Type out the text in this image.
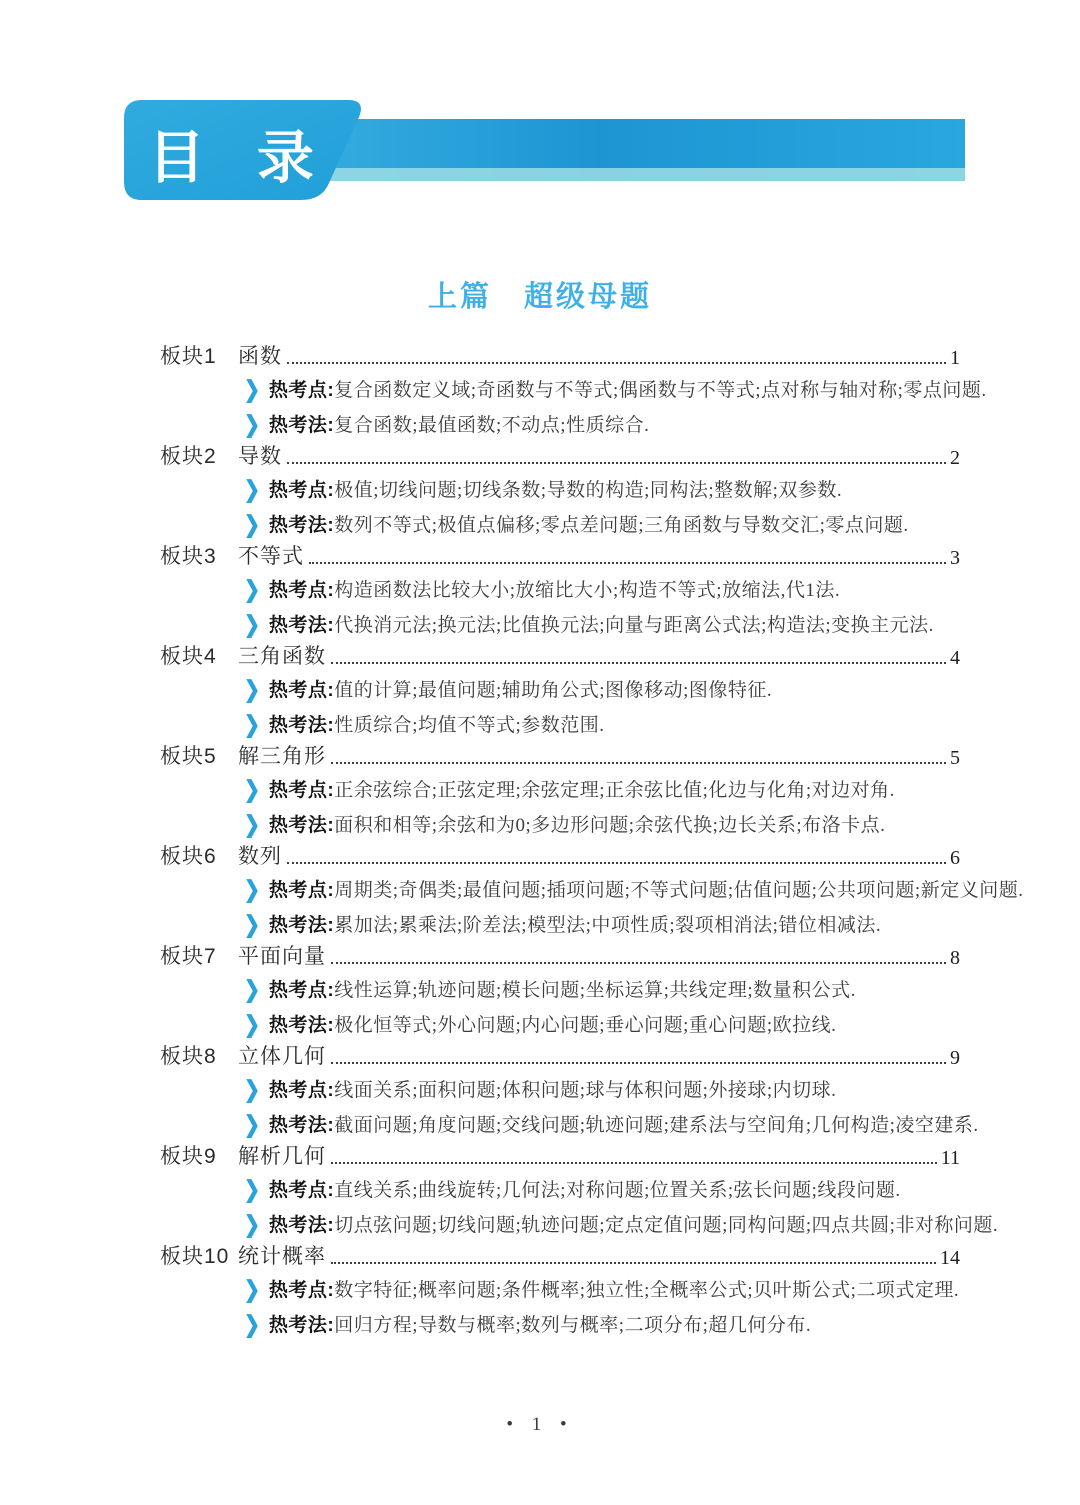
目 录
上篇　超级母题
板块1	函数	1
❯ 热考点: 复合函数定义域;奇函数与不等式;偶函数与不等式;点对称与轴对称;零点问题.
❯ 热考法: 复合函数;最值函数;不动点;性质综合.
板块2	导数	2
❯ 热考点: 极值;切线问题;切线条数;导数的构造;同构法;整数解;双参数.
❯ 热考法: 数列不等式;极值点偏移;零点差问题;三角函数与导数交汇;零点问题.
板块3	不等式	3
❯ 热考点: 构造函数法比较大小;放缩比大小;构造不等式;放缩法,代1法.
❯ 热考法: 代换消元法;换元法;比值换元法;向量与距离公式法;构造法;变换主元法.
板块4	三角函数	4
❯ 热考点: 值的计算;最值问题;辅助角公式;图像移动;图像特征.
❯ 热考法: 性质综合;均值不等式;参数范围.
板块5	解三角形	5
❯ 热考点: 正余弦综合;正弦定理;余弦定理;正余弦比值;化边与化角;对边对角.
❯ 热考法: 面积和相等;余弦和为0;多边形问题;余弦代换;边长关系;布洛卡点.
板块6	数列	6
❯ 热考点: 周期类;奇偶类;最值问题;插项问题;不等式问题;估值问题;公共项问题;新定义问题.
❯ 热考法: 累加法;累乘法;阶差法;模型法;中项性质;裂项相消法;错位相减法.
板块7	平面向量	8
❯ 热考点: 线性运算;轨迹问题;模长问题;坐标运算;共线定理;数量积公式.
❯ 热考法: 极化恒等式;外心问题;内心问题;垂心问题;重心问题;欧拉线.
板块8	立体几何	9
❯ 热考点: 线面关系;面积问题;体积问题;球与体积问题;外接球;内切球.
❯ 热考法: 截面问题;角度问题;交线问题;轨迹问题;建系法与空间角;几何构造;凌空建系.
板块9	解析几何	11
❯ 热考点: 直线关系;曲线旋转;几何法;对称问题;位置关系;弦长问题;线段问题.
❯ 热考法: 切点弦问题;切线问题;轨迹问题;定点定值问题;同构问题;四点共圆;非对称问题.
板块10 统计概率	14
❯ 热考点: 数字特征;概率问题;条件概率;独立性;全概率公式;贝叶斯公式;二项式定理.
❯ 热考法: 回归方程;导数与概率;数列与概率;二项分布;超几何分布.
• 1 •
